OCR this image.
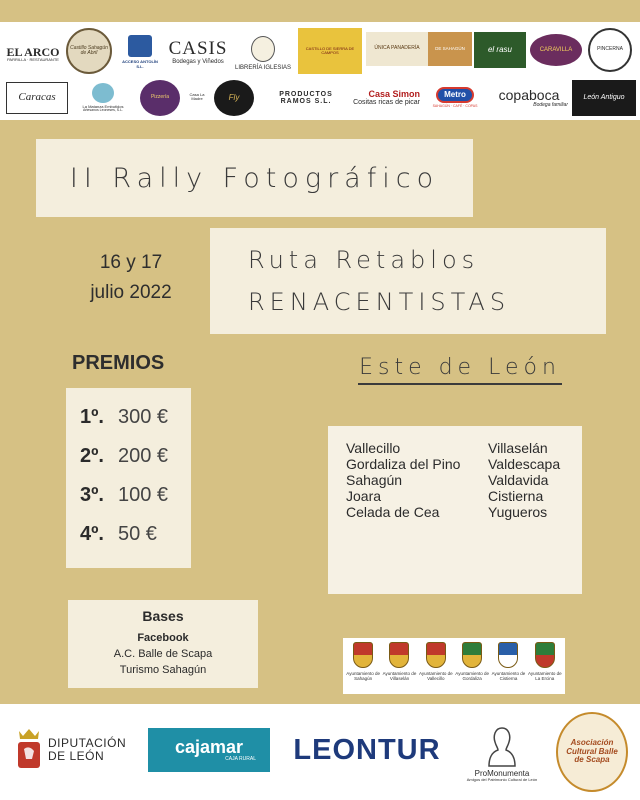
EL ARCO
PARRILLA · RESTAURANTE
Castillo Sahagún de Abril
ACCESO ANTOLÍN S.L.
CASIS
Bodegas y Viñedos
LIBRERÍA IGLESIAS
CASTILLO DE SIERRA DE CAMPOS
ÚNICA PANADERÍA	DE SAHAGÚN	el rasu	CARAVILLA	PINCERNA
Caracas
La Matanza Embutidos
Artesanos Leoneses, S.L.
Pizzería	Fly
Casa La Madre
PRODUCTOS RAMOS S.L.
Casa Simon
Cositas ricas de picar
Metro
SAHAGÚN · CAFÉ · COPAS
copaboca
Bodega familiar
León Antiguo
II Rally Fotográfico
Ruta Retablos
RENACENTISTAS
16 y 17
julio 2022
PREMIOS
1º. 300 €
2º. 200 €
3º. 100 €
4º. 50 €
Este de León
Vallecillo
Gordaliza del Pino
Sahagún
Joara
Celada de Cea
Villaselán
Valdescapa
Valdavida
Cistierna
Yugueros
Bases
Facebook
A.C. Balle de Scapa
Turismo Sahagún	Ayuntamiento de Sahagún
Ayuntamiento de Villaselán
Ayuntamiento de Vallecillo
Ayuntamiento de Gordaliza
Ayuntamiento de Cistierna
Ayuntamiento de La Ercina
DIPUTACIÓN DE LEÓN	cajamar
CAJA RURAL LEONTUR
ProMonumenta
Amigos del Patrimonio Cultural de León
Asociación Cultural Balle de Scapa
